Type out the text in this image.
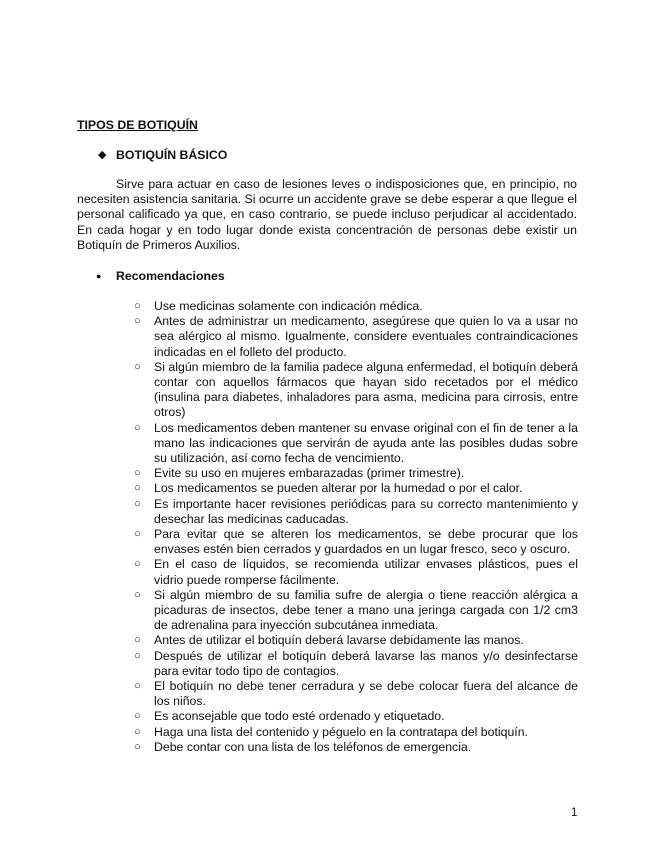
TIPOS DE BOTIQUÍN
◆ BOTIQUÍN BÁSICO

Sirve para actuar en caso de lesiones leves o indisposiciones que, en principio, no necesiten asistencia sanitaria. Si ocurre un accidente grave se debe esperar a que llegue el personal calificado ya que, en caso contrario, se puede incluso perjudicar al accidentado. En cada hogar y en todo lugar donde exista concentración de personas debe existir un Botiquín de Primeros Auxilios.

●	Recomendaciones
○ Use medicinas solamente con indicación médica.
○ Antes de administrar un medicamento, asegúrese que quien lo va a usar no sea alérgico al mismo. Igualmente, considere eventuales contraindicaciones indicadas en el folleto del producto.
○ Si algún miembro de la familia padece alguna enfermedad, el botiquín deberá contar con aquellos fármacos que hayan sido recetados por el médico (insulina para diabetes, inhaladores para asma, medicina para cirrosis, entre otros)
○ Los medicamentos deben mantener su envase original con el fin de tener a la mano las indicaciones que servirán de ayuda ante las posibles dudas sobre su utilización, así como fecha de vencimiento.
○ Evite su uso en mujeres embarazadas (primer trimestre).
○ Los medicamentos se pueden alterar por la humedad o por el calor.
○ Es importante hacer revisiones periódicas para su correcto mantenimiento y desechar las medicinas caducadas.
○ Para evitar que se alteren los medicamentos, se debe procurar que los envases estén bien cerrados y guardados en un lugar fresco, seco y oscuro.
○ En el caso de líquidos, se recomienda utilizar envases plásticos, pues el vidrio puede romperse fácilmente.
○ Si algún miembro de su familia sufre de alergia o tiene reacción alérgica a picaduras de insectos, debe tener a mano una jeringa cargada con 1/2 cm3 de adrenalina para inyección subcutánea inmediata.
○ Antes de utilizar el botiquín deberá lavarse debidamente las manos.
○ Después de utilizar el botiquín deberá lavarse las manos y/o desinfectarse para evitar todo tipo de contagios.
○ El botiquín no debe tener cerradura y se debe colocar fuera del alcance de los niños.
○ Es aconsejable que todo esté ordenado y etiquetado.
○ Haga una lista del contenido y péguelo en la contratapa del botiquín.
○ Debe contar con una lista de los teléfonos de emergencia.
1
